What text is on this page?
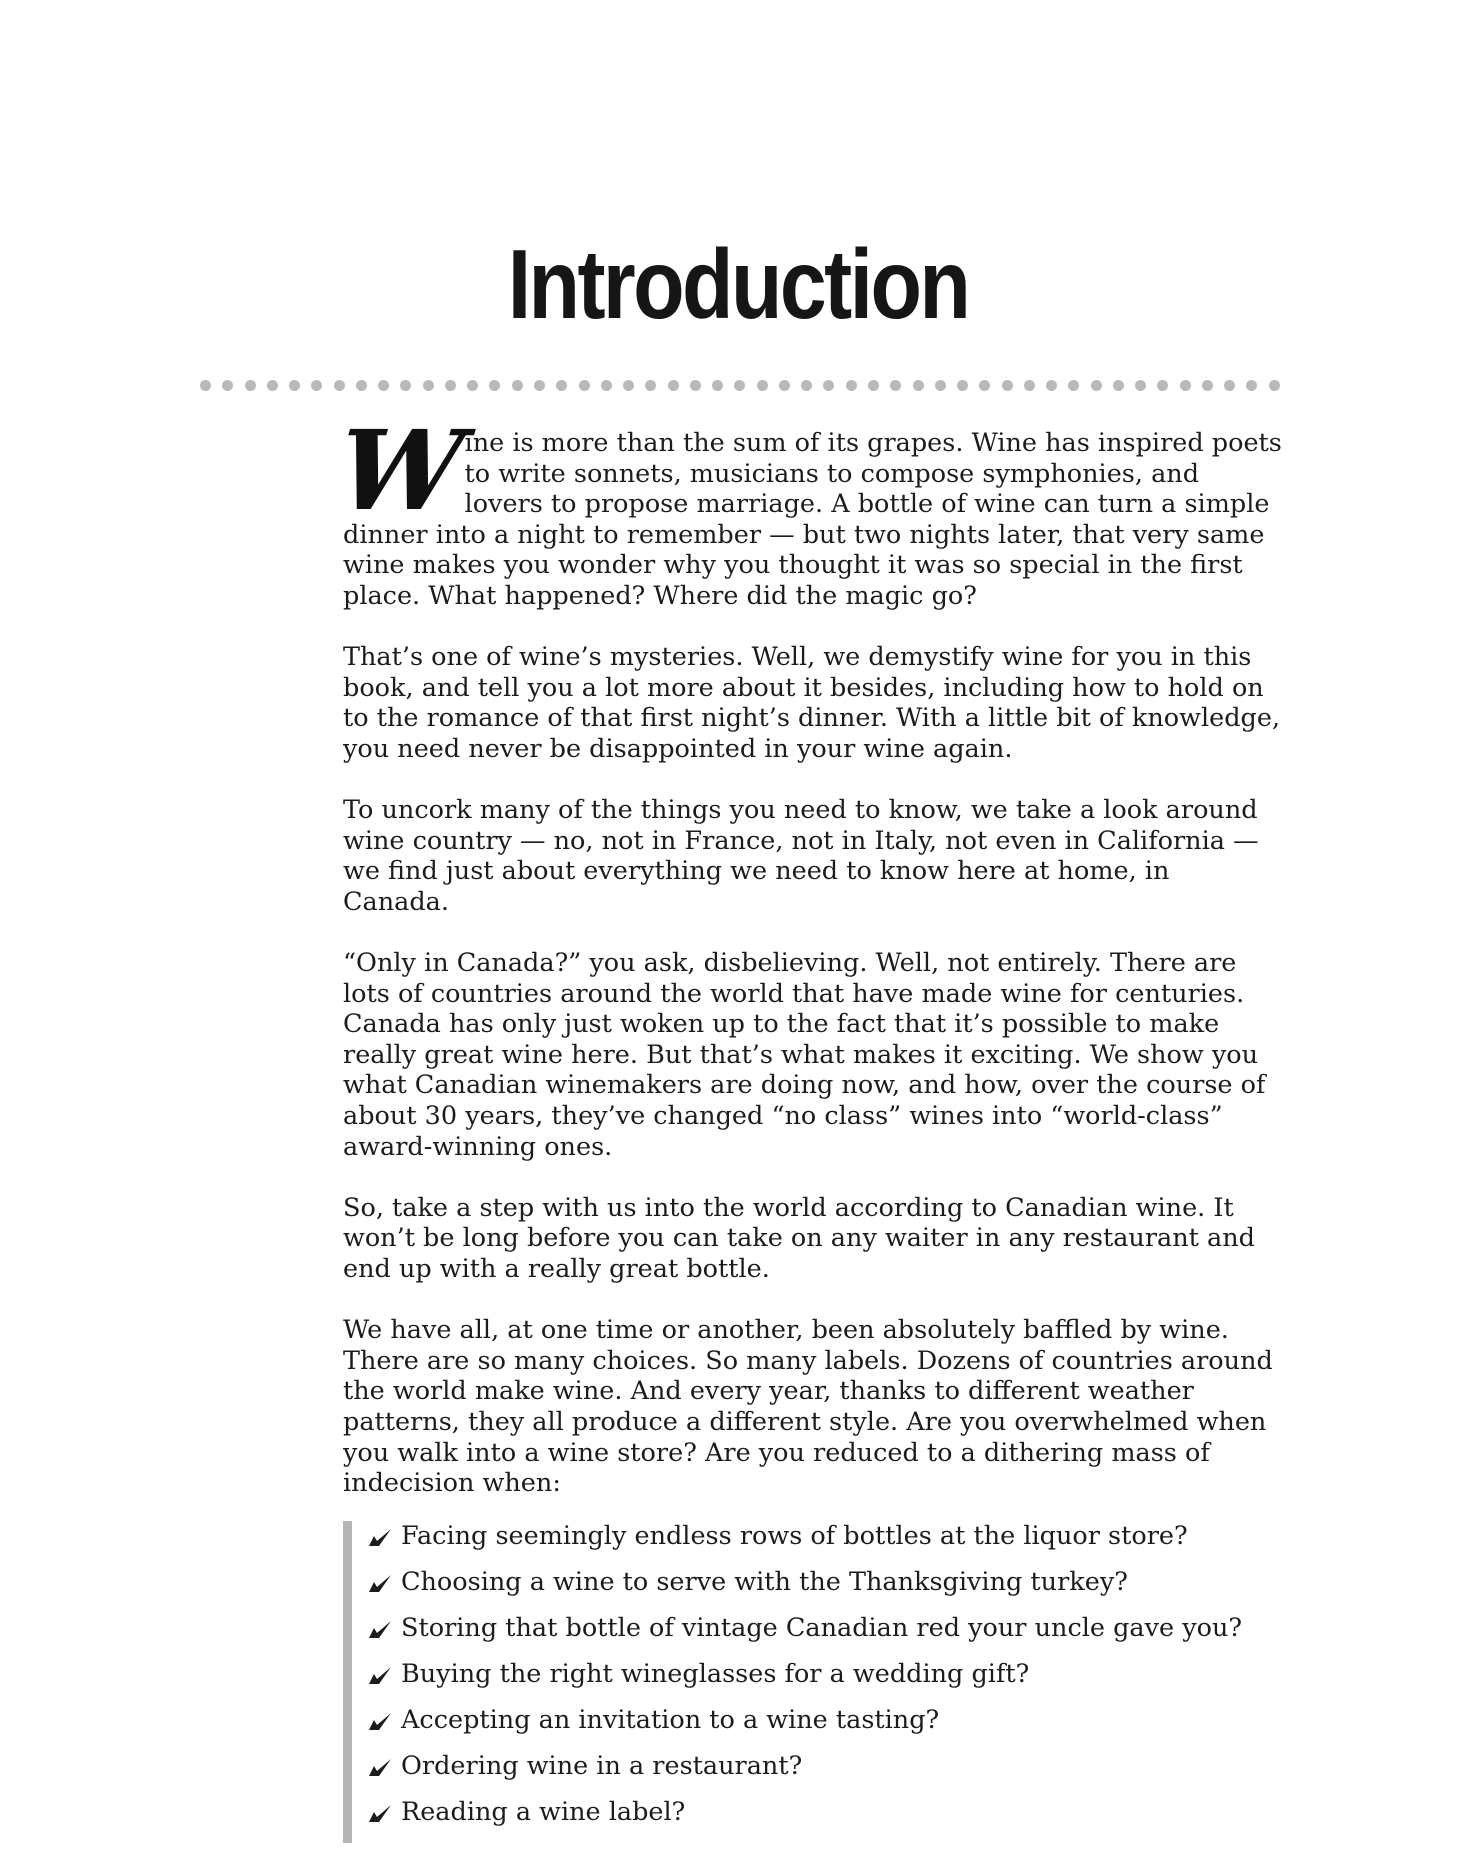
Introduction

Wine is more than the sum of its grapes. Wine has inspired poets to write sonnets, musicians to compose symphonies, and lovers to propose marriage. A bottle of wine can turn a simple dinner into a night to remember — but two nights later, that very same wine makes you wonder why you thought it was so special in the first place. What happened? Where did the magic go?

That’s one of wine’s mysteries. Well, we demystify wine for you in this book, and tell you a lot more about it besides, including how to hold on to the romance of that first night’s dinner. With a little bit of knowledge, you need never be disappointed in your wine again.

To uncork many of the things you need to know, we take a look around wine country — no, not in France, not in Italy, not even in California — we find just about everything we need to know here at home, in Canada.

“Only in Canada?” you ask, disbelieving. Well, not entirely. There are lots of countries around the world that have made wine for centuries. Canada has only just woken up to the fact that it’s possible to make really great wine here. But that’s what makes it exciting. We show you what Canadian winemakers are doing now, and how, over the course of about 30 years, they’ve changed “no class” wines into “world-class” award-winning ones.

So, take a step with us into the world according to Canadian wine. It won’t be long before you can take on any waiter in any restaurant and end up with a really great bottle.

We have all, at one time or another, been absolutely baffled by wine. There are so many choices. So many labels. Dozens of countries around the world make wine. And every year, thanks to different weather patterns, they all produce a different style. Are you overwhelmed when you walk into a wine store? Are you reduced to a dithering mass of indecision when:

Facing seemingly endless rows of bottles at the liquor store?
Choosing a wine to serve with the Thanksgiving turkey?
Storing that bottle of vintage Canadian red your uncle gave you?
Buying the right wineglasses for a wedding gift?
Accepting an invitation to a wine tasting?
Ordering wine in a restaurant?
Reading a wine label?
